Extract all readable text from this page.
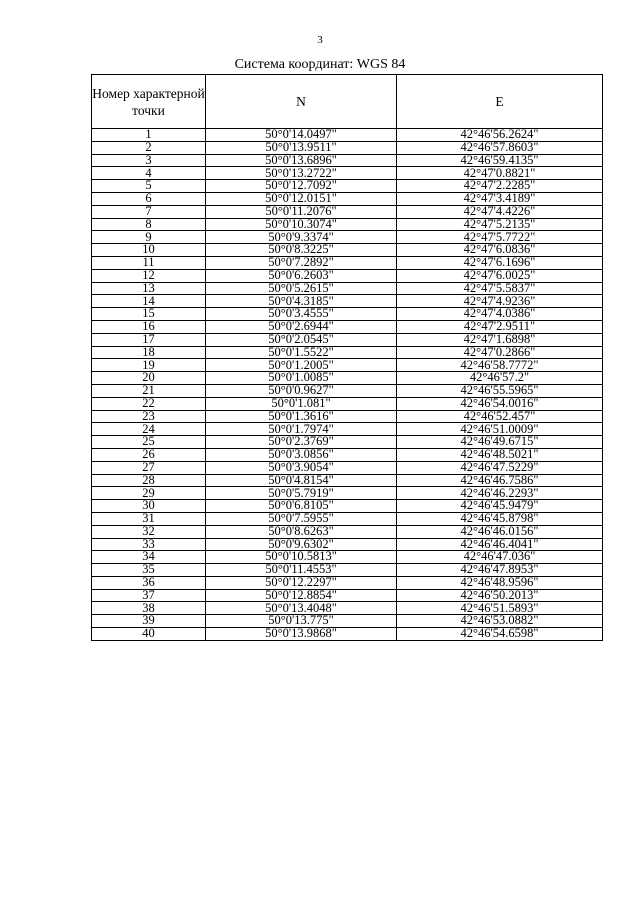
3
Система координат: WGS 84
Номер характерной точки	N	E
1	50°0'14.0497"	42°46'56.2624"
2	50°0'13.9511"	42°46'57.8603"
3	50°0'13.6896"	42°46'59.4135"
4	50°0'13.2722"	42°47'0.8821"
5	50°0'12.7092"	42°47'2.2285"
6	50°0'12.0151"	42°47'3.4189"
7	50°0'11.2076"	42°47'4.4226"
8	50°0'10.3074"	42°47'5.2135"
9	50°0'9.3374"	42°47'5.7722"
10	50°0'8.3225"	42°47'6.0836"
11	50°0'7.2892"	42°47'6.1696"
12	50°0'6.2603"	42°47'6.0025"
13	50°0'5.2615"	42°47'5.5837"
14	50°0'4.3185"	42°47'4.9236"
15	50°0'3.4555"	42°47'4.0386"
16	50°0'2.6944"	42°47'2.9511"
17	50°0'2.0545"	42°47'1.6898"
18	50°0'1.5522"	42°47'0.2866"
19	50°0'1.2005"	42°46'58.7772"
20	50°0'1.0085"	42°46'57.2"
21	50°0'0.9627"	42°46'55.5965"
22	50°0'1.081"	42°46'54.0016"
23	50°0'1.3616"	42°46'52.457"
24	50°0'1.7974"	42°46'51.0009"
25	50°0'2.3769"	42°46'49.6715"
26	50°0'3.0856"	42°46'48.5021"
27	50°0'3.9054"	42°46'47.5229"
28	50°0'4.8154"	42°46'46.7586"
29	50°0'5.7919"	42°46'46.2293"
30	50°0'6.8105"	42°46'45.9479"
31	50°0'7.5955"	42°46'45.8798"
32	50°0'8.6263"	42°46'46.0156"
33	50°0'9.6302"	42°46'46.4041"
34	50°0'10.5813"	42°46'47.036"
35	50°0'11.4553"	42°46'47.8953"
36	50°0'12.2297"	42°46'48.9596"
37	50°0'12.8854"	42°46'50.2013"
38	50°0'13.4048"	42°46'51.5893"
39	50°0'13.775"	42°46'53.0882"
40	50°0'13.9868"	42°46'54.6598"
